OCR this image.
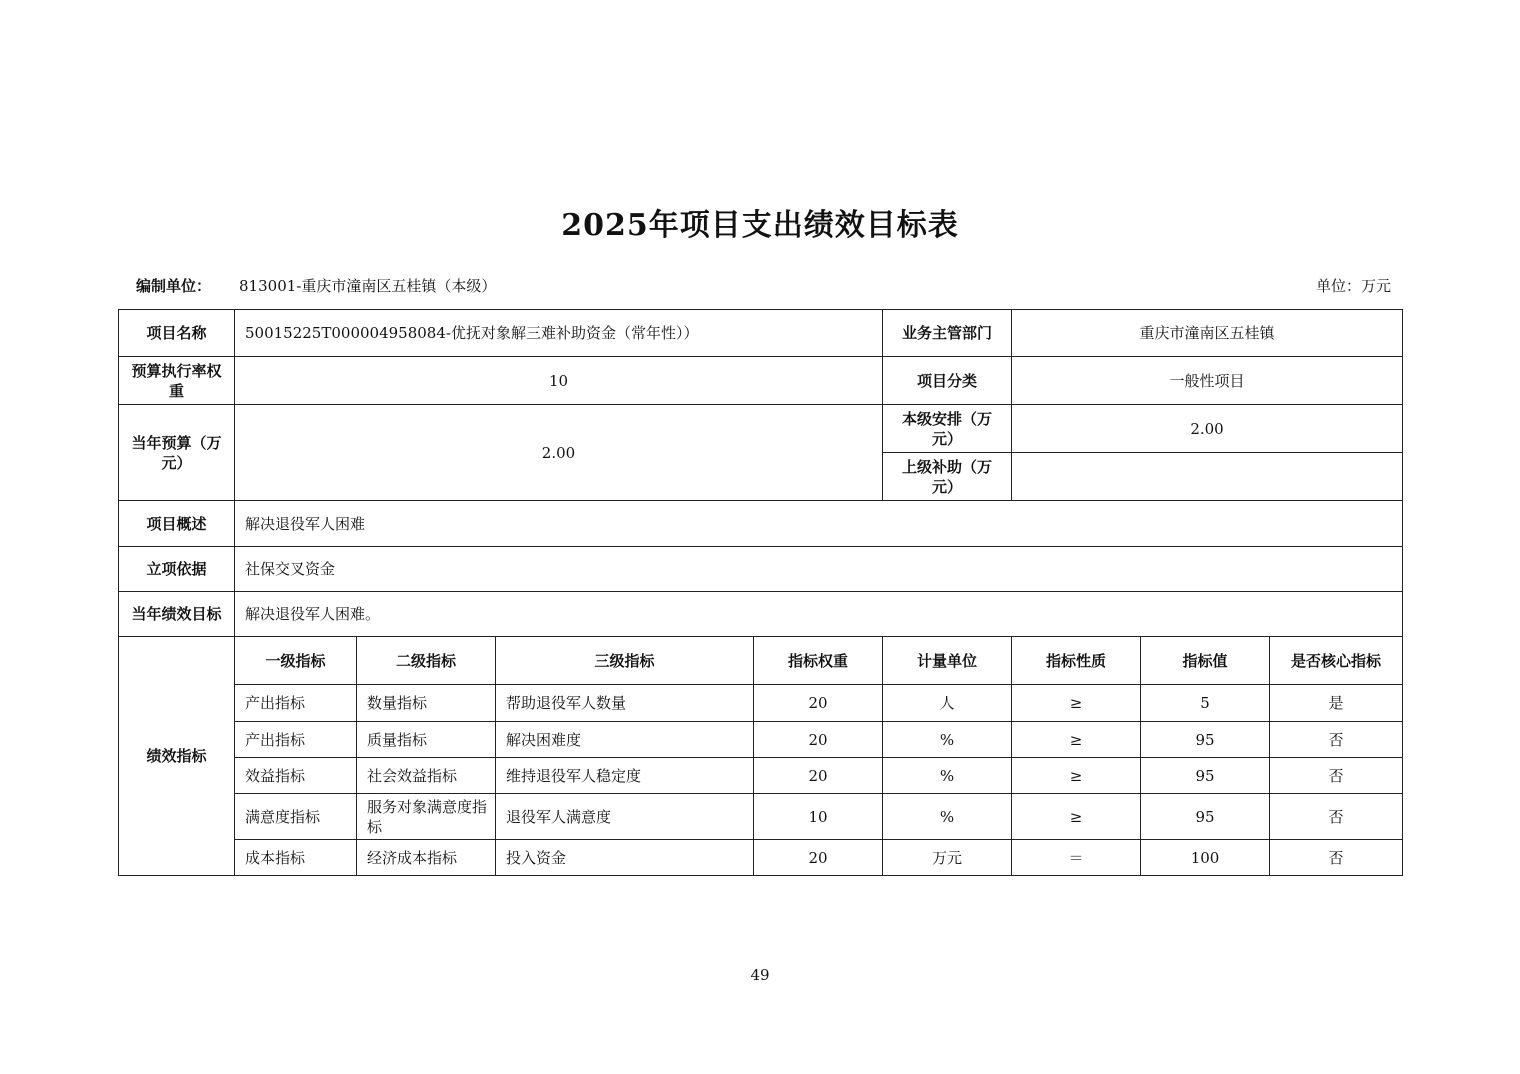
2025年项目支出绩效目标表
编制单位： 813001-重庆市潼南区五桂镇（本级）	单位：万元
项目名称	50015225T000004958084-优抚对象解三难补助资金（常年性））				业务主管部门	重庆市潼南区五桂镇		
预算执行率权重	10				项目分类	一般性项目		
当年预算（万元）	2.00				本级安排（万元）	2.00		
					上级补助（万元）			
项目概述	解决退役军人困难							
立项依据	社保交叉资金							
当年绩效目标	解决退役军人困难。							
绩效指标	一级指标	二级指标	三级指标	指标权重	计量单位	指标性质	指标值	是否核心指标
	产出指标	数量指标	帮助退役军人数量	20	人	≥	5	是
	产出指标	质量指标	解决困难度	20	%	≥	95	否
	效益指标	社会效益指标	维持退役军人稳定度	20	%	≥	95	否
	满意度指标	服务对象满意度指标	退役军人满意度	10	%	≥	95	否
	成本指标	经济成本指标	投入资金	20	万元	＝	100	否
49
